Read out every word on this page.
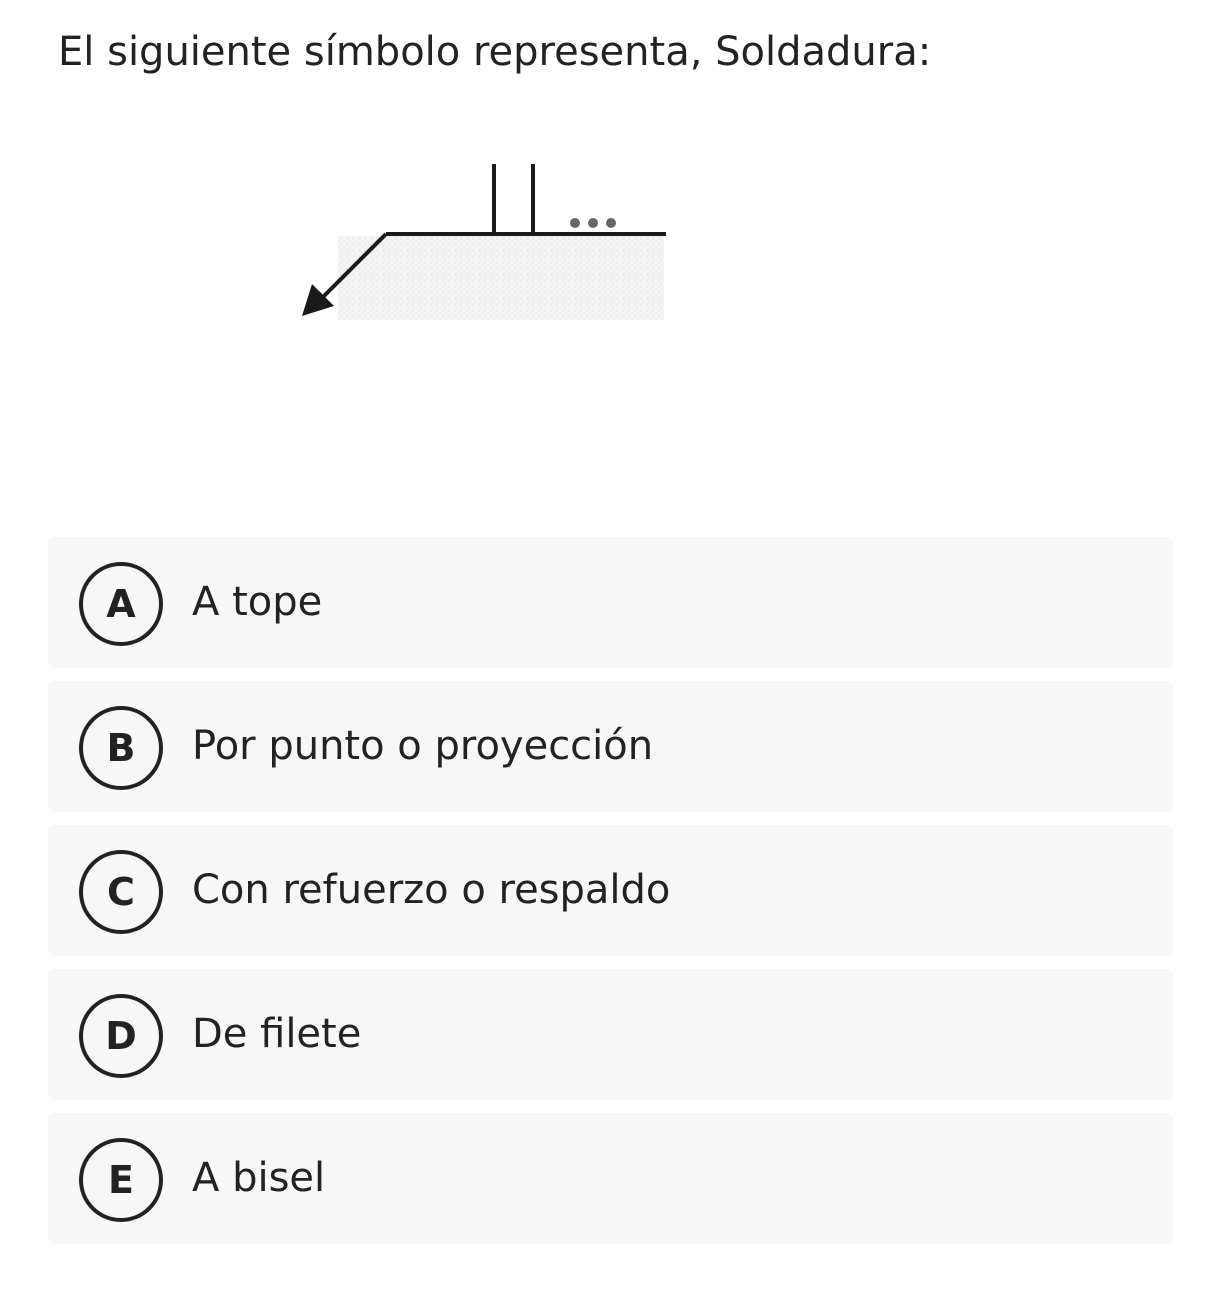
El siguiente símbolo representa, Soldadura:
A	A tope
B	Por punto o proyección
C	Con refuerzo o respaldo
D	De filete
E	A bisel
